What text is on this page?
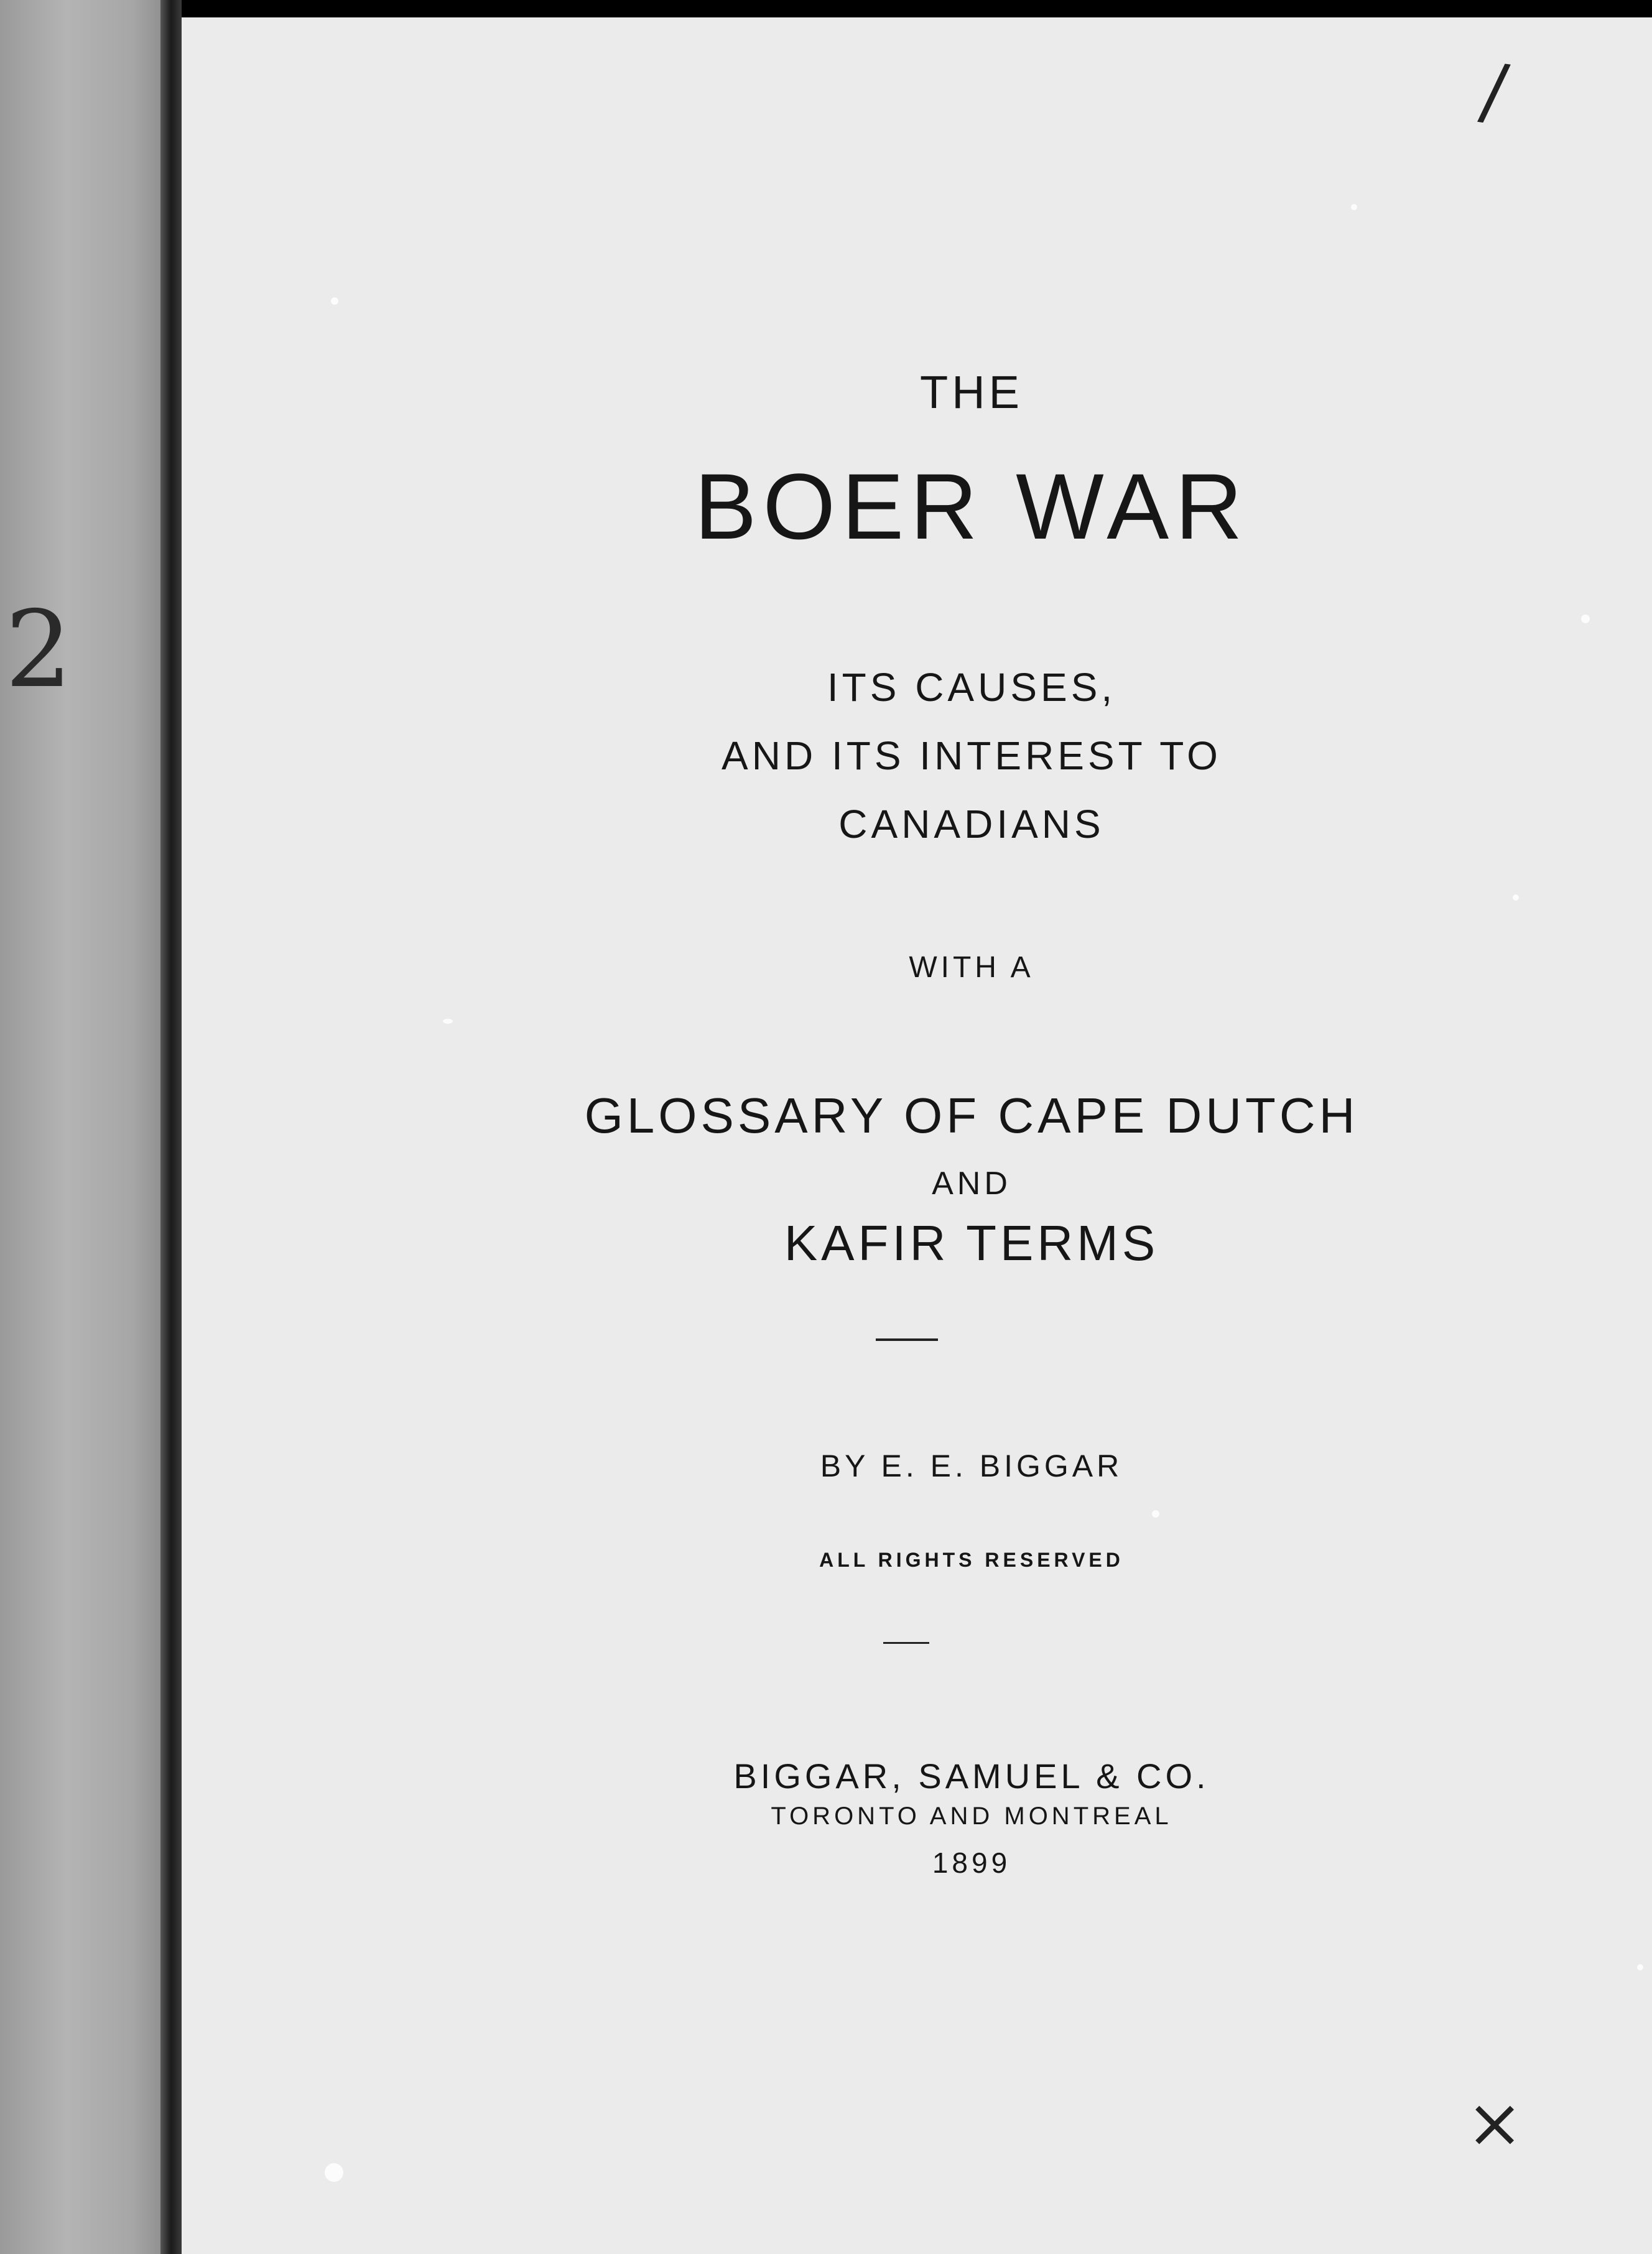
2
/
THE
BOER WAR
ITS CAUSES,
AND ITS INTEREST TO
CANADIANS
WITH A
GLOSSARY OF CAPE DUTCH
AND
KAFIR TERMS
BY E. E. BIGGAR
ALL RIGHTS RESERVED
BIGGAR, SAMUEL & CO.
TORONTO AND MONTREAL
1899
×
